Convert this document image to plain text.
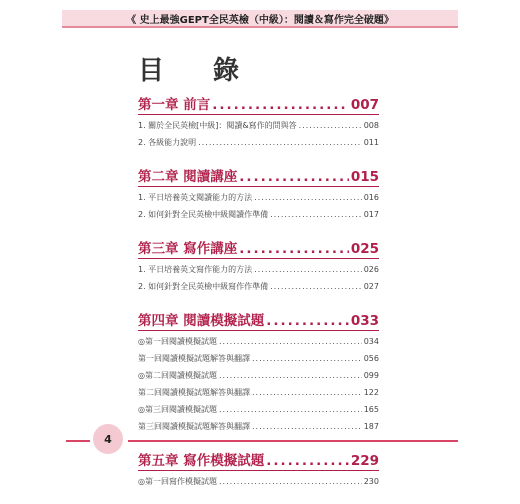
《 史上最強GEPT全民英檢（中級）：閱讀＆寫作完全破題》
目 錄
第一章 前言 .....	007
1. 關於全民英檢[中級]：閱讀&寫作的問與答 .....	008
2. 各級能力說明 .....	011
第二章 閱讀講座 .....	015
1. 平日培養英文閱讀能力的方法 .....	016
2. 如何針對全民英檢中級閱讀作準備 .....	017
第三章 寫作講座 .....	025
1. 平日培養英文寫作能力的方法 .....	026
2. 如何針對全民英檢中級寫作作準備 .....	027
第四章 閱讀模擬試題 .....	033
◎第一回閱讀模擬試題 .....	034
第一回閱讀模擬試題解答與翻譯 .....	056
◎第二回閱讀模擬試題 .....	099
第二回閱讀模擬試題解答與翻譯 .....	122
◎第三回閱讀模擬試題 .....	165
第三回閱讀模擬試題解答與翻譯 .....	187
第五章 寫作模擬試題 .....	229
◎第一回寫作模擬試題 .....	230
4
